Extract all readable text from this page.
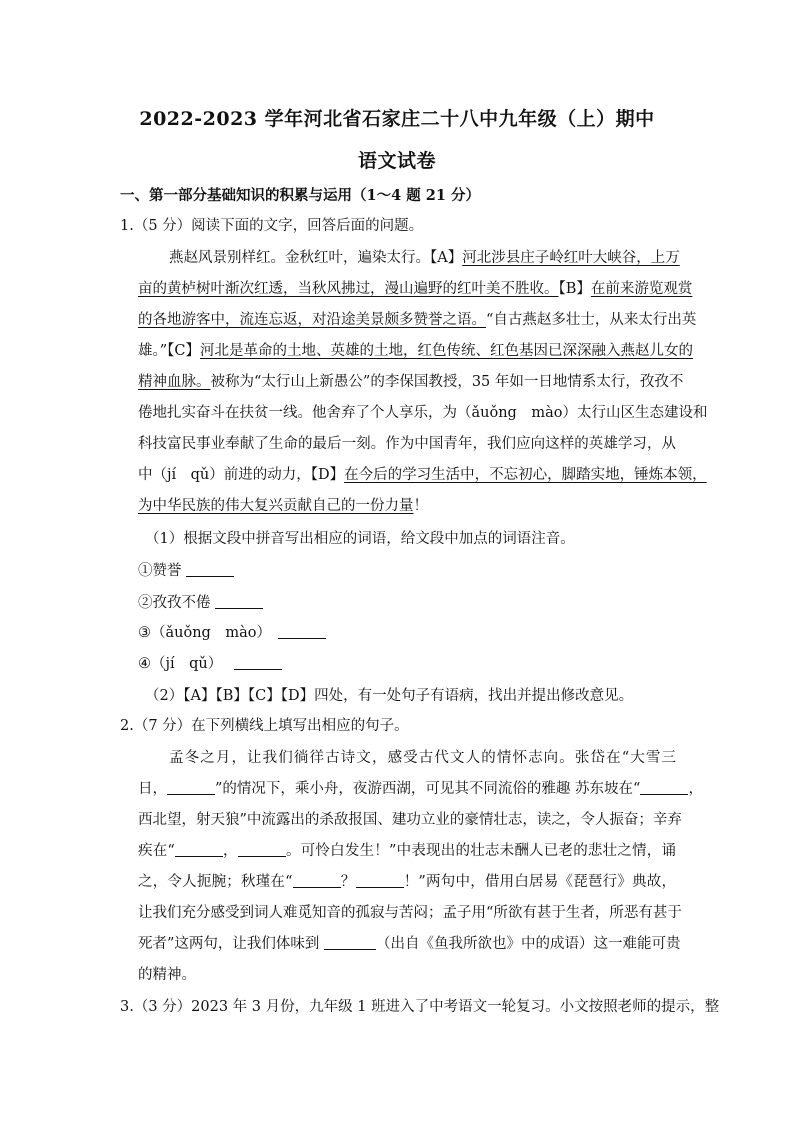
2022-2023 学年河北省石家庄二十八中九年级（上）期中
语文试卷
一、第一部分基础知识的积累与运用（1～4 题 21 分）
1.（5 分）阅读下面的文字，回答后面的问题。
燕赵风景别样红。金秋红叶，遍染太行。【A】河北涉县庄子岭红叶大峡谷，上万
亩的黄栌树叶渐次红透，当秋风拂过，漫山遍野的红叶美不胜收。【B】在前来游览观赏
的各地游客中，流连忘返，对沿途美景颇多赞誉之语。“自古燕赵多壮士，从来太行出英
雄。”【C】河北是革命的土地、英雄的土地，红色传统、红色基因已深深融入燕赵儿女的
精神血脉。被称为“太行山上新愚公”的李保国教授，35 年如一日地情系太行，孜孜不
倦地扎实奋斗在扶贫一线。他舍弃了个人享乐，为（ǎuǒng　mào）太行山区生态建设和
科技富民事业奉献了生命的最后一刻。作为中国青年，我们应向这样的英雄学习，从
中（jí　qǔ）前进的动力，【D】在今后的学习生活中，不忘初心，脚踏实地，锤炼本领，
为中华民族的伟大复兴贡献自己的一份力量！
（1）根据文段中拼音写出相应的词语，给文段中加点的词语注音。
①赞誉
②孜孜不倦
③（ǎuǒng　mào）　
④（jí　qǔ）　
（2）【A】【B】【C】【D】四处，有一处句子有语病，找出并提出修改意见。
2.（7 分）在下列横线上填写出相应的句子。
孟冬之月，让我们徜徉古诗文，感受古代文人的情怀志向。张岱在“大雪三
日，	”的情况下，乘小舟，夜游西湖，可见其不同流俗的雅趣 苏东坡在“	，
西北望，射天狼”中流露出的杀敌报国、建功立业的豪情壮志，读之，令人振奋；辛弃
疾在“	，	。可怜白发生！”中表现出的壮志未酬人已老的悲壮之情，诵
之，令人扼腕；秋瑾在“	？	！”两句中，借用白居易《琵琶行》典故，
让我们充分感受到词人难觅知音的孤寂与苦闷；孟子用“所欲有甚于生者，所恶有甚于
死者”这两句，让我们体味到	（出自《鱼我所欲也》中的成语）这一难能可贵
的精神。
3.（3 分）2023 年 3 月份，九年级 1 班进入了中考语文一轮复习。小文按照老师的提示，整
